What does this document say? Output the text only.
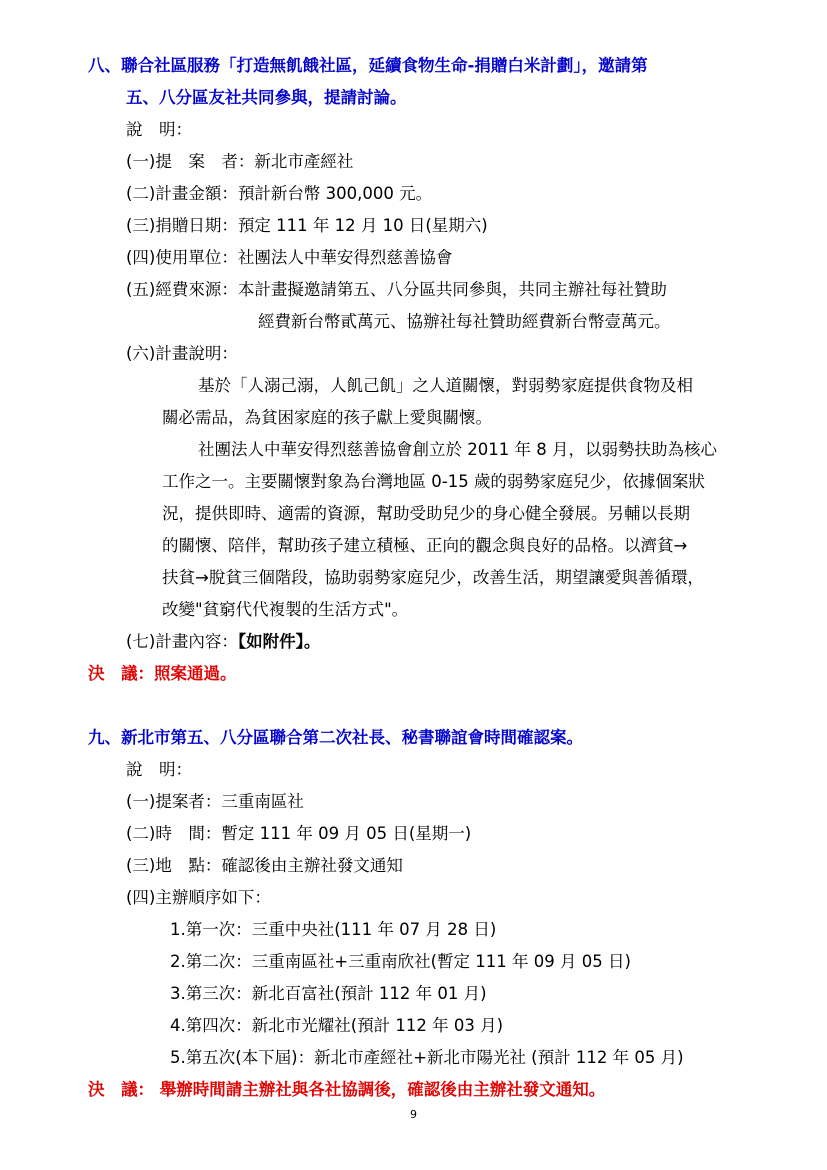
八、聯合社區服務「打造無飢餓社區，延續食物生命-捐贈白米計劃」，邀請第
五、八分區友社共同參與，提請討論。
說　明：
(一)提　案　者：新北市產經社
(二)計畫金額：預計新台幣 300,000 元。
(三)捐贈日期：預定 111 年 12 月 10 日(星期六)
(四)使用單位：社團法人中華安得烈慈善協會
(五)經費來源：本計畫擬邀請第五、八分區共同參與，共同主辦社每社贊助
經費新台幣貳萬元、協辦社每社贊助經費新台幣壹萬元。
(六)計畫說明：
基於「人溺己溺，人飢己飢」之人道關懷，對弱勢家庭提供食物及相
關必需品，為貧困家庭的孩子獻上愛與關懷。
社團法人中華安得烈慈善協會創立於 2011 年 8 月，以弱勢扶助為核心
工作之一。主要關懷對象為台灣地區 0-15 歲的弱勢家庭兒少，依據個案狀
況，提供即時、適需的資源，幫助受助兒少的身心健全發展。另輔以長期
的關懷、陪伴，幫助孩子建立積極、正向的觀念與良好的品格。以濟貧→
扶貧→脫貧三個階段，協助弱勢家庭兒少，改善生活，期望讓愛與善循環，
改變"貧窮代代複製的生活方式"。
(七)計畫內容：【如附件】。
決　議：照案通過。
九、新北市第五、八分區聯合第二次社長、秘書聯誼會時間確認案。
說　明：
(一)提案者：三重南區社
(二)時　間：暫定 111 年 09 月 05 日(星期一)
(三)地　點：確認後由主辦社發文通知
(四)主辦順序如下：
1.第一次：三重中央社(111 年 07 月 28 日)
2.第二次：三重南區社+三重南欣社(暫定 111 年 09 月 05 日)
3.第三次：新北百富社(預計 112 年 01 月)
4.第四次：新北市光耀社(預計 112 年 03 月)
5.第五次(本下屆)：新北市產經社+新北市陽光社 (預計 112 年 05 月)
決　議： 舉辦時間請主辦社與各社協調後，確認後由主辦社發文通知。
9
